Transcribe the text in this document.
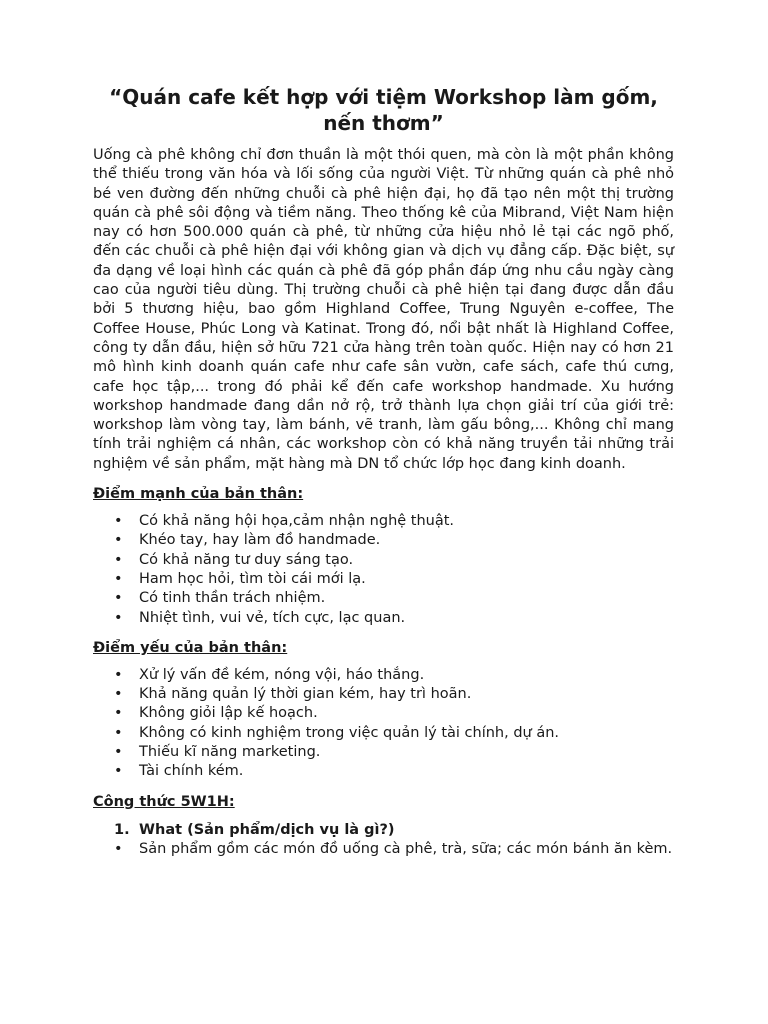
“Quán cafe kết hợp với tiệm Workshop làm gốm, nến thơm”

Uống cà phê không chỉ đơn thuần là một thói quen, mà còn là một phần không thể thiếu trong văn hóa và lối sống của người Việt. Từ những quán cà phê nhỏ bé ven đường đến những chuỗi cà phê hiện đại, họ đã tạo nên một thị trường quán cà phê sôi động và tiềm năng. Theo thống kê của Mibrand, Việt Nam hiện nay có hơn 500.000 quán cà phê, từ những cửa hiệu nhỏ lẻ tại các ngõ phố, đến các chuỗi cà phê hiện đại với không gian và dịch vụ đẳng cấp. Đặc biệt, sự đa dạng về loại hình các quán cà phê đã góp phần đáp ứng nhu cầu ngày càng cao của người tiêu dùng. Thị trường chuỗi cà phê hiện tại đang được dẫn đầu bởi 5 thương hiệu, bao gồm Highland Coffee, Trung Nguyên e-coffee, The Coffee House, Phúc Long và Katinat. Trong đó, nổi bật nhất là Highland Coffee, công ty dẫn đầu, hiện sở hữu 721 cửa hàng trên toàn quốc. Hiện nay có hơn 21 mô hình kinh doanh quán cafe như cafe sân vườn, cafe sách, cafe thú cưng, cafe học tập,... trong đó phải kể đến cafe workshop handmade. Xu hướng workshop handmade đang dần nở rộ, trở thành lựa chọn giải trí của giới trẻ: workshop làm vòng tay, làm bánh, vẽ tranh, làm gấu bông,... Không chỉ mang tính trải nghiệm cá nhân, các workshop còn có khả năng truyền tải những trải nghiệm về sản phẩm, mặt hàng mà DN tổ chức lớp học đang kinh doanh.

Điểm mạnh của bản thân:
• Có khả năng hội họa,cảm nhận nghệ thuật.
• Khéo tay, hay làm đồ handmade.
• Có khả năng tư duy sáng tạo.
• Ham học hỏi, tìm tòi cái mới lạ.
• Có tinh thần trách nhiệm.
• Nhiệt tình, vui vẻ, tích cực, lạc quan.
Điểm yếu của bản thân:
• Xử lý vấn đề kém, nóng vội, háo thắng.
• Khả năng quản lý thời gian kém, hay trì hoãn.
• Không giỏi lập kế hoạch.
• Không có kinh nghiệm trong việc quản lý tài chính, dự án.
• Thiếu kĩ năng marketing.
• Tài chính kém.
Công thức 5W1H:
1. What (Sản phẩm/dịch vụ là gì?)
• Sản phẩm gồm các món đồ uống cà phê, trà, sữa; các món bánh ăn kèm.
